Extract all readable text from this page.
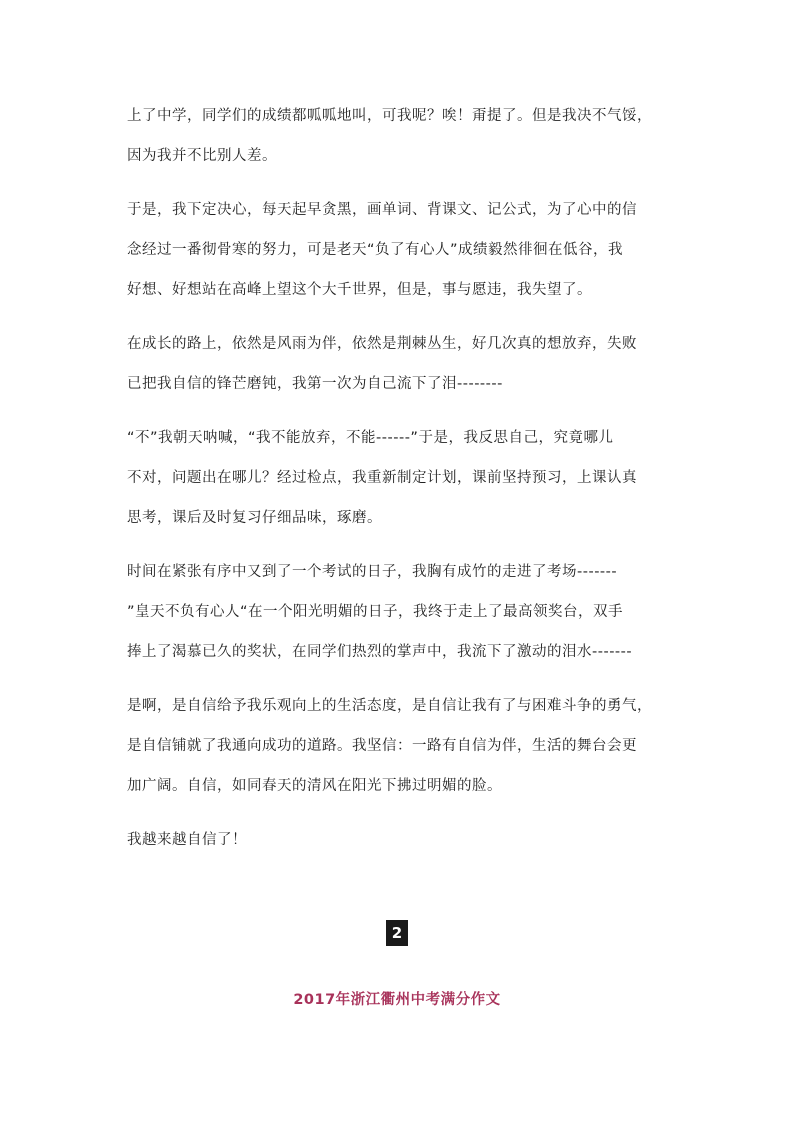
上了中学，同学们的成绩都呱呱地叫，可我呢？唉！甭提了。但是我决不气馁，
因为我并不比别人差。

于是，我下定决心，每天起早贪黑，画单词、背课文、记公式，为了心中的信
念经过一番彻骨寒的努力，可是老天“负了有心人”成绩毅然徘徊在低谷，我
好想、好想站在高峰上望这个大千世界，但是，事与愿违，我失望了。

在成长的路上，依然是风雨为伴，依然是荆棘丛生，好几次真的想放弃，失败
已把我自信的锋芒磨钝，我第一次为自己流下了泪--------

“不”我朝天呐喊，“我不能放弃，不能------”于是，我反思自己，究竟哪儿
不对，问题出在哪儿？经过检点，我重新制定计划，课前坚持预习，上课认真
思考，课后及时复习仔细品味，琢磨。

时间在紧张有序中又到了一个考试的日子，我胸有成竹的走进了考场-------
”皇天不负有心人“在一个阳光明媚的日子，我终于走上了最高领奖台，双手
捧上了渴慕已久的奖状，在同学们热烈的掌声中，我流下了激动的泪水-------

是啊，是自信给予我乐观向上的生活态度，是自信让我有了与困难斗争的勇气，
是自信铺就了我通向成功的道路。我坚信：一路有自信为伴，生活的舞台会更
加广阔。自信，如同春天的清风在阳光下拂过明媚的脸。

我越来越自信了！

2
2017年浙江衢州中考满分作文
